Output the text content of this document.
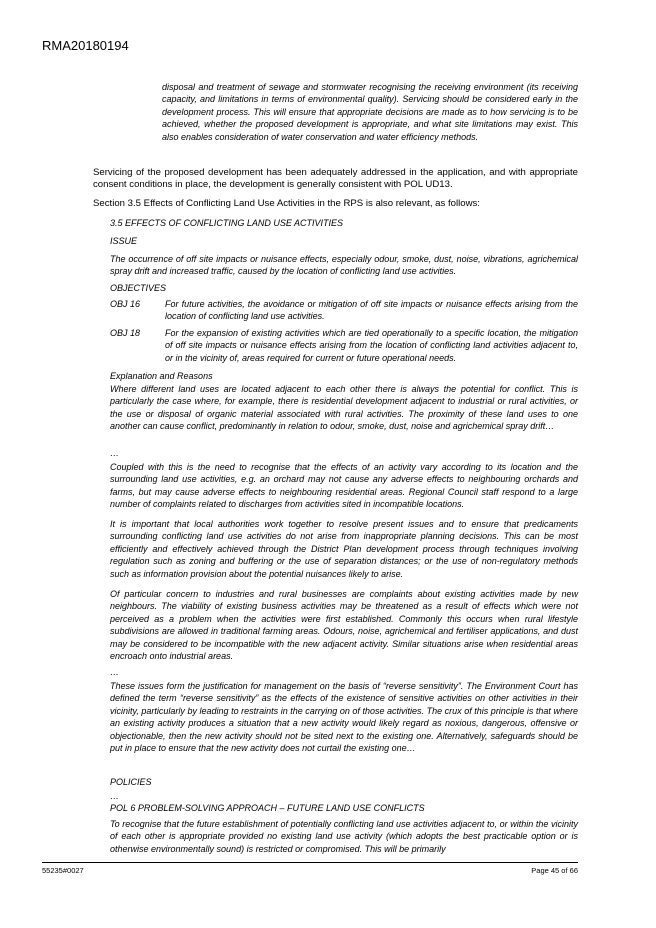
RMA20180194
disposal and treatment of sewage and stormwater recognising the receiving environment (its receiving capacity, and limitations in terms of environmental quality). Servicing should be considered early in the development process. This will ensure that appropriate decisions are made as to how servicing is to be achieved, whether the proposed development is appropriate, and what site limitations may exist. This also enables consideration of water conservation and water efficiency methods.
Servicing of the proposed development has been adequately addressed in the application, and with appropriate consent conditions in place, the development is generally consistent with POL UD13.
Section 3.5 Effects of Conflicting Land Use Activities in the RPS is also relevant, as follows:
3.5 EFFECTS OF CONFLICTING LAND USE ACTIVITIES
ISSUE
The occurrence of off site impacts or nuisance effects, especially odour, smoke, dust, noise, vibrations, agrichemical spray drift and increased traffic, caused by the location of conflicting land use activities.
OBJECTIVES
OBJ 16	For future activities, the avoidance or mitigation of off site impacts or nuisance effects arising from the location of conflicting land use activities.
OBJ 18	For the expansion of existing activities which are tied operationally to a specific location, the mitigation of off site impacts or nuisance effects arising from the location of conflicting land activities adjacent to, or in the vicinity of, areas required for current or future operational needs.
Explanation and Reasons
Where different land uses are located adjacent to each other there is always the potential for conflict. This is particularly the case where, for example, there is residential development adjacent to industrial or rural activities, or the use or disposal of organic material associated with rural activities. The proximity of these land uses to one another can cause conflict, predominantly in relation to odour, smoke, dust, noise and agrichemical spray drift…
…
Coupled with this is the need to recognise that the effects of an activity vary according to its location and the surrounding land use activities, e.g. an orchard may not cause any adverse effects to neighbouring orchards and farms, but may cause adverse effects to neighbouring residential areas. Regional Council staff respond to a large number of complaints related to discharges from activities sited in incompatible locations.
It is important that local authorities work together to resolve present issues and to ensure that predicaments surrounding conflicting land use activities do not arise from inappropriate planning decisions. This can be most efficiently and effectively achieved through the District Plan development process through techniques involving regulation such as zoning and buffering or the use of separation distances; or the use of non-regulatory methods such as information provision about the potential nuisances likely to arise.
Of particular concern to industries and rural businesses are complaints about existing activities made by new neighbours. The viability of existing business activities may be threatened as a result of effects which were not perceived as a problem when the activities were first established. Commonly this occurs when rural lifestyle subdivisions are allowed in traditional farming areas. Odours, noise, agrichemical and fertiliser applications, and dust may be considered to be incompatible with the new adjacent activity. Similar situations arise when residential areas encroach onto industrial areas.
…
These issues form the justification for management on the basis of “reverse sensitivity”. The Environment Court has defined the term “reverse sensitivity” as the effects of the existence of sensitive activities on other activities in their vicinity, particularly by leading to restraints in the carrying on of those activities. The crux of this principle is that where an existing activity produces a situation that a new activity would likely regard as noxious, dangerous, offensive or objectionable, then the new activity should not be sited next to the existing one. Alternatively, safeguards should be put in place to ensure that the new activity does not curtail the existing one…
POLICIES
…
POL 6 PROBLEM-SOLVING APPROACH – FUTURE LAND USE CONFLICTS
To recognise that the future establishment of potentially conflicting land use activities adjacent to, or within the vicinity of each other is appropriate provided no existing land use activity (which adopts the best practicable option or is otherwise environmentally sound) is restricted or compromised. This will be primarily
55235#0027	Page 45 of 66
